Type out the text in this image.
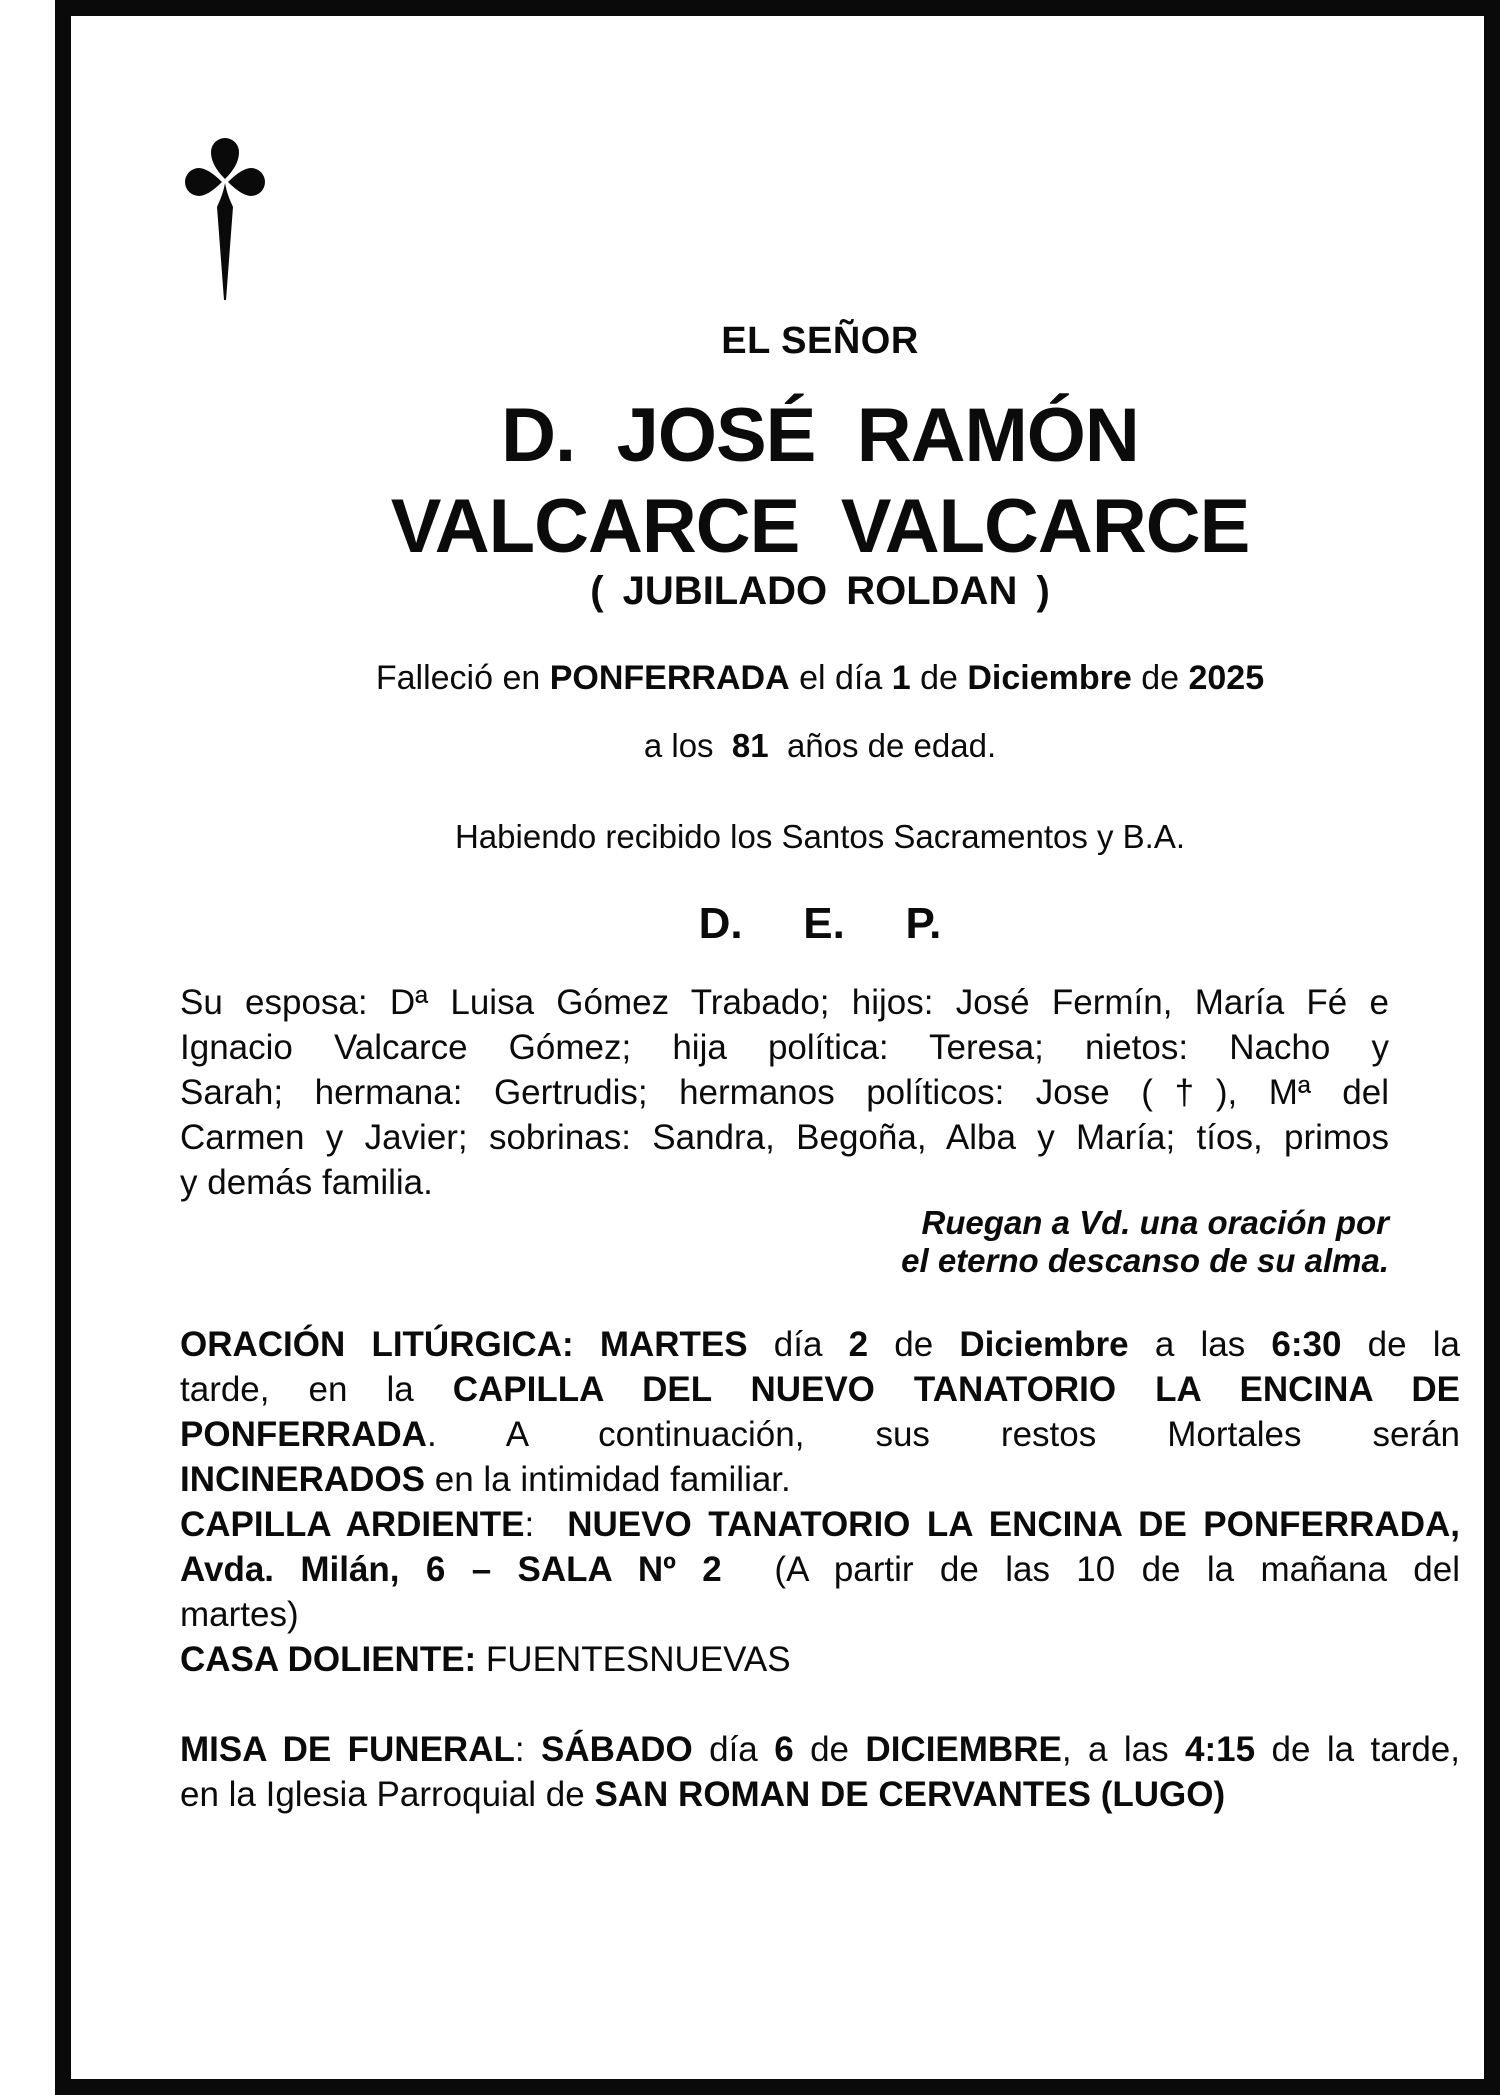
EL SEÑOR
D. JOSÉ RAMÓN
VALCARCE VALCARCE
( JUBILADO ROLDAN )
Falleció en PONFERRADA el día 1 de Diciembre de 2025
a los  81  años de edad.
Habiendo recibido los Santos Sacramentos y B.A.
D. E. P.
Su esposa: Dª Luisa Gómez Trabado; hijos: José Fermín, María Fé e
Ignacio Valcarce Gómez; hija política: Teresa; nietos: Nacho y
Sarah; hermana: Gertrudis; hermanos políticos: Jose (†), Mª del
Carmen y Javier; sobrinas: Sandra, Begoña, Alba y María; tíos, primos
y demás familia.
Ruegan a Vd. una oración por
el eterno descanso de su alma.
ORACIÓN LITÚRGICA: MARTES día 2 de Diciembre a las 6:30 de la
tarde, en la CAPILLA DEL NUEVO TANATORIO LA ENCINA DE
PONFERRADA. A continuación, sus restos Mortales serán
INCINERADOS en la intimidad familiar.
CAPILLA ARDIENTE:  NUEVO TANATORIO LA ENCINA DE PONFERRADA,
Avda. Milán, 6 – SALA Nº 2  (A partir de las 10 de la mañana del
martes)
CASA DOLIENTE: FUENTESNUEVAS
MISA DE FUNERAL: SÁBADO día 6 de DICIEMBRE, a las 4:15 de la tarde,
en la Iglesia Parroquial de SAN ROMAN DE CERVANTES (LUGO)
